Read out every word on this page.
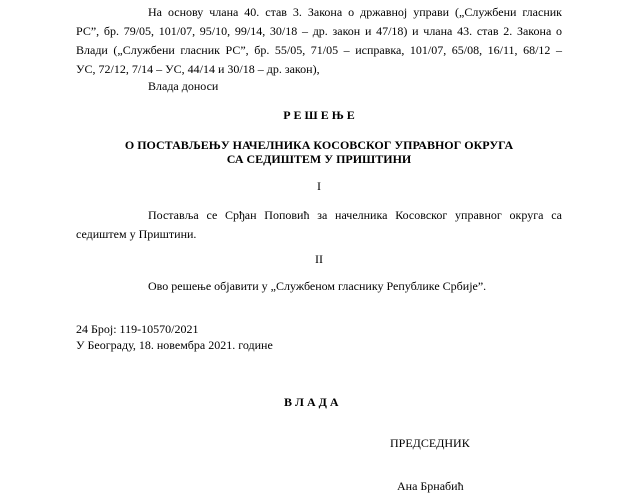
На основу члана 40. став 3. Закона о државној управи („Службени гласник
РС”, бр. 79/05, 101/07, 95/10, 99/14, 30/18 – др. закон и 47/18) и члана 43. став 2. Закона о
Влади („Службени гласник РС”, бр. 55/05, 71/05 – исправка, 101/07, 65/08, 16/11, 68/12 –
УС, 72/12, 7/14 – УС, 44/14 и 30/18 – др. закон),

Влада доноси

Р Е Ш Е Њ Е

О ПОСТАВЉЕЊУ НАЧЕЛНИКА КОСОВСКОГ УПРАВНОГ ОКРУГА

СА СЕДИШТЕМ У ПРИШТИНИ

I

Поставља се Срђан Поповић за начелника Косовског управног округа са
седиштем у Приштини.

II

Ово решење објавити у „Службеном гласнику Републике Србије”.

24 Број: 119-10570/2021

У Београду, 18. новембра 2021. године

В Л А Д А

ПРЕДСЕДНИК

Ана Брнабић
